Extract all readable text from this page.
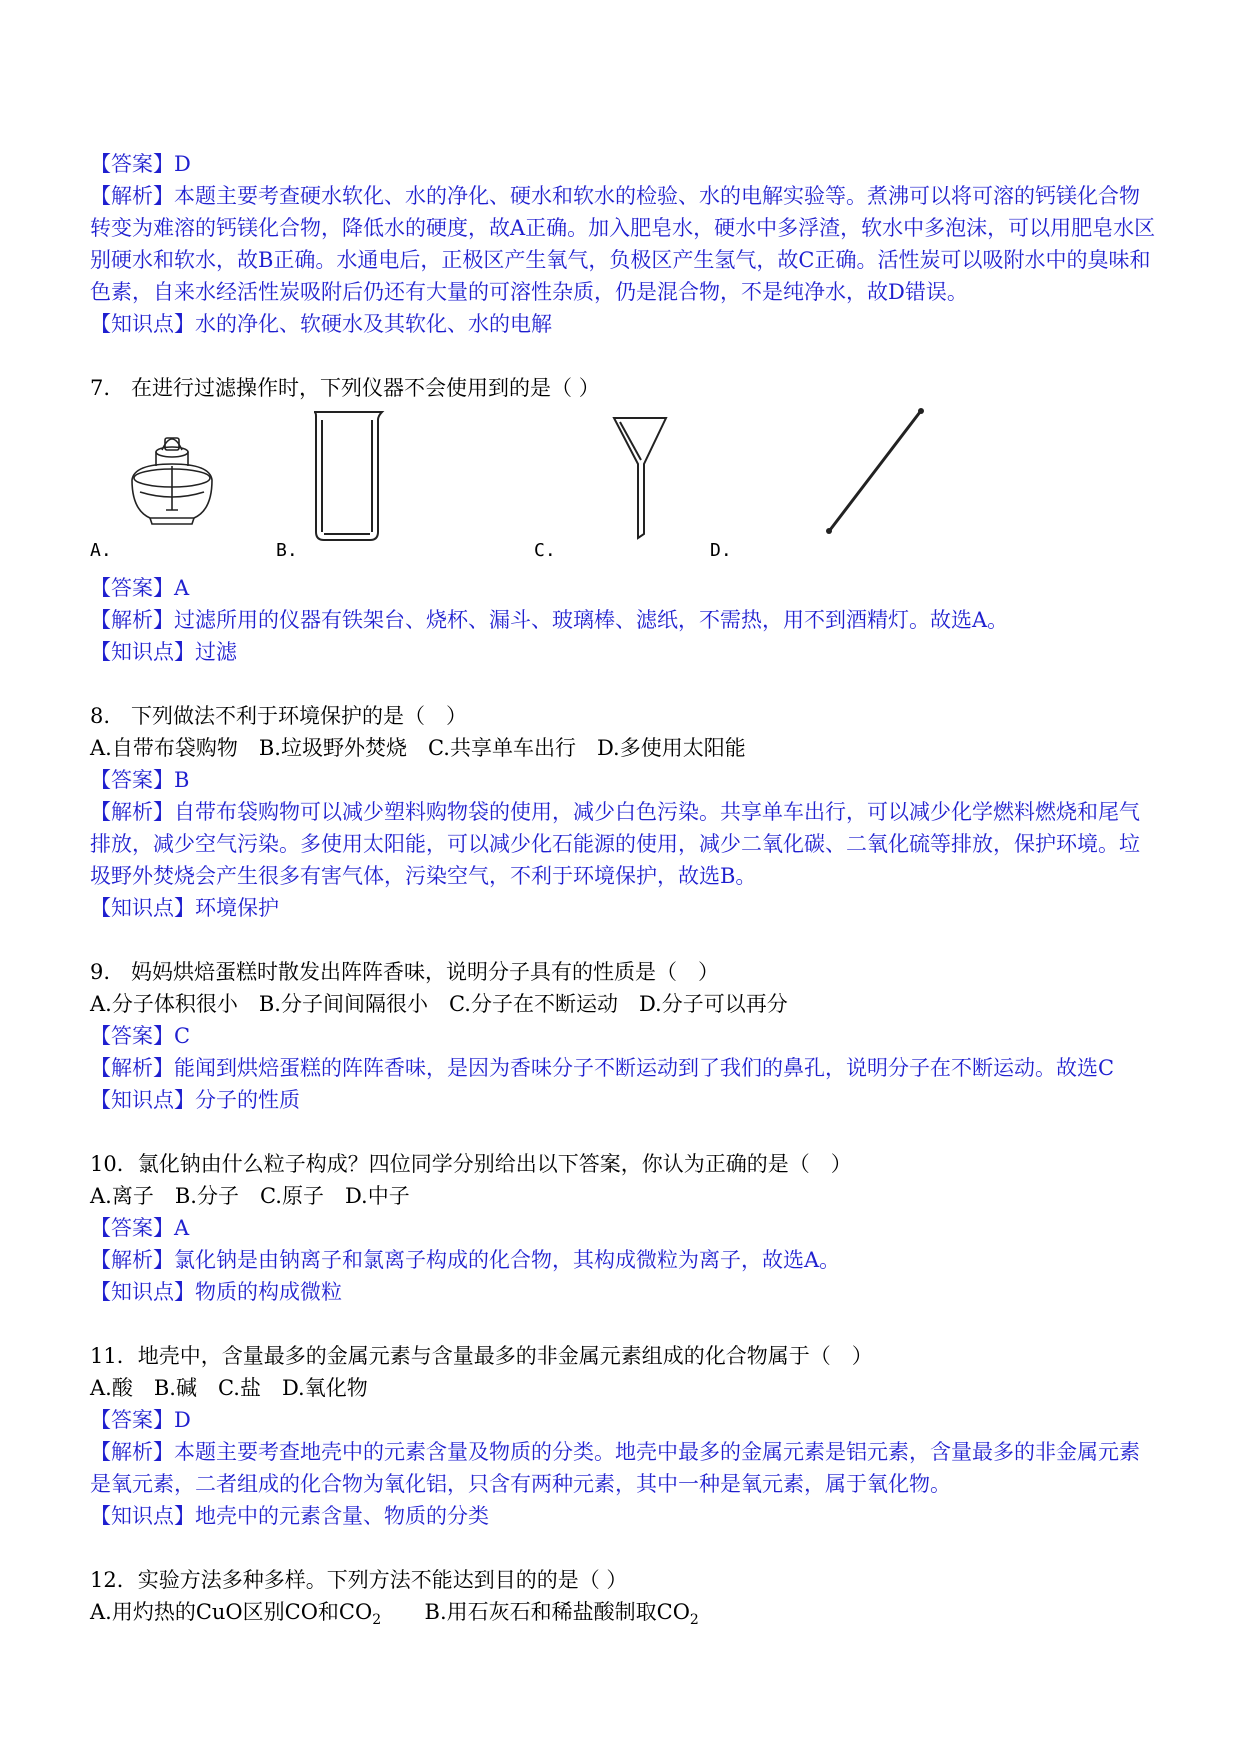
【答案】D
【解析】本题主要考查硬水软化、水的净化、硬水和软水的检验、水的电解实验等。煮沸可以将可溶的钙镁化合物转变为难溶的钙镁化合物，降低水的硬度，故A正确。加入肥皂水，硬水中多浮渣，软水中多泡沫，可以用肥皂水区别硬水和软水，故B正确。水通电后，正极区产生氧气，负极区产生氢气，故C正确。活性炭可以吸附水中的臭味和色素，自来水经活性炭吸附后仍还有大量的可溶性杂质，仍是混合物，不是纯净水，故D错误。
【知识点】水的净化、软硬水及其软化、水的电解
7.　在进行过滤操作时，下列仪器不会使用到的是（ ）
A.	B.	C.	D.
【答案】A
【解析】过滤所用的仪器有铁架台、烧杯、漏斗、玻璃棒、滤纸，不需热，用不到酒精灯。故选A。
【知识点】过滤
8.　下列做法不利于环境保护的是（　）
A.自带布袋购物　B.垃圾野外焚烧　C.共享单车出行　D.多使用太阳能
【答案】B
【解析】自带布袋购物可以减少塑料购物袋的使用，减少白色污染。共享单车出行，可以减少化学燃料燃烧和尾气排放，减少空气污染。多使用太阳能，可以减少化石能源的使用，减少二氧化碳、二氧化硫等排放，保护环境。垃圾野外焚烧会产生很多有害气体，污染空气，不利于环境保护，故选B。
【知识点】环境保护
9.　妈妈烘焙蛋糕时散发出阵阵香味，说明分子具有的性质是（　）
A.分子体积很小　B.分子间间隔很小　C.分子在不断运动　D.分子可以再分
【答案】C
【解析】能闻到烘焙蛋糕的阵阵香味，是因为香味分子不断运动到了我们的鼻孔，说明分子在不断运动。故选C
【知识点】分子的性质
10．氯化钠由什么粒子构成？四位同学分别给出以下答案，你认为正确的是（　）
A.离子　B.分子　C.原子　D.中子
【答案】A
【解析】氯化钠是由钠离子和氯离子构成的化合物，其构成微粒为离子，故选A。
【知识点】物质的构成微粒
11．地壳中，含量最多的金属元素与含量最多的非金属元素组成的化合物属于（　）
A.酸　B.碱　C.盐　D.氧化物
【答案】D
【解析】本题主要考查地壳中的元素含量及物质的分类。地壳中最多的金属元素是铝元素，含量最多的非金属元素是氧元素，二者组成的化合物为氧化铝，只含有两种元素，其中一种是氧元素，属于氧化物。
【知识点】地壳中的元素含量、物质的分类
12．实验方法多种多样。下列方法不能达到目的的是（ ）
A.用灼热的CuO区别CO和$CO_2$ B.用石灰石和稀盐酸制取$CO_2$
